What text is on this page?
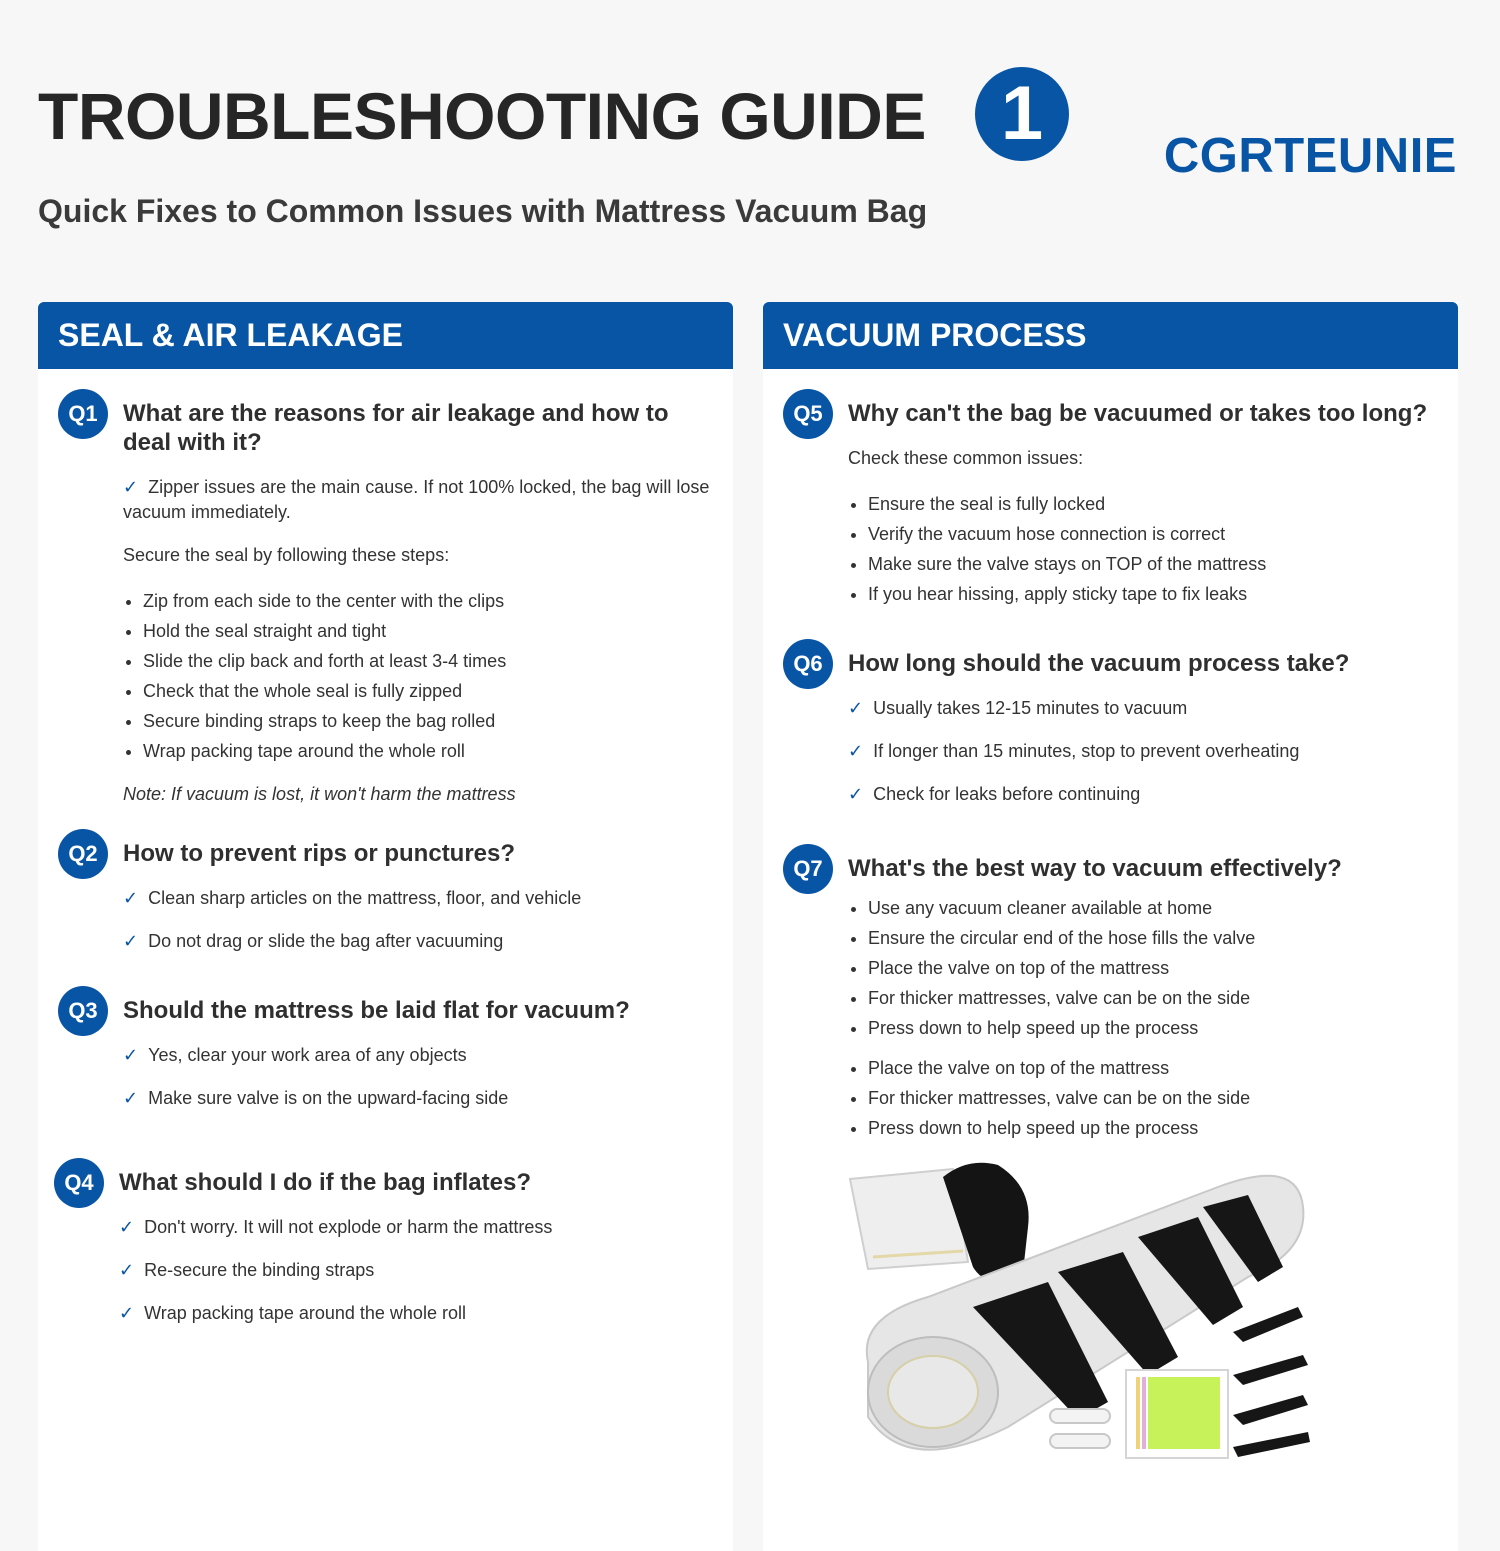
TROUBLESHOOTING GUIDE 1	CGRTEUNIE
Quick Fixes to Common Issues with Mattress Vacuum Bag
SEAL & AIR LEAKAGE
Q1	What are the reasons for air leakage and how to deal with it?
✓ Zipper issues are the main cause. If not 100% locked, the bag will lose vacuum immediately.
Secure the seal by following these steps:
• Zip from each side to the center with the clips
• Hold the seal straight and tight
• Slide the clip back and forth at least 3-4 times
• Check that the whole seal is fully zipped
• Secure binding straps to keep the bag rolled
• Wrap packing tape around the whole roll
Note: If vacuum is lost, it won't harm the mattress
Q2	How to prevent rips or punctures?
✓ Clean sharp articles on the mattress, floor, and vehicle
✓ Do not drag or slide the bag after vacuuming
Q3	Should the mattress be laid flat for vacuum?
✓ Yes, clear your work area of any objects
✓ Make sure valve is on the upward-facing side
Q4	What should I do if the bag inflates?
✓ Don't worry. It will not explode or harm the mattress
✓ Re-secure the binding straps
✓ Wrap packing tape around the whole roll
VACUUM PROCESS
Q5	Why can't the bag be vacuumed or takes too long?
Check these common issues:
• Ensure the seal is fully locked
• Verify the vacuum hose connection is correct
• Make sure the valve stays on TOP of the mattress
• If you hear hissing, apply sticky tape to fix leaks
Q6	How long should the vacuum process take?
✓ Usually takes 12-15 minutes to vacuum
✓ If longer than 15 minutes, stop to prevent overheating
✓ Check for leaks before continuing
Q7	What's the best way to vacuum effectively?
• Use any vacuum cleaner available at home
• Ensure the circular end of the hose fills the valve
• Place the valve on top of the mattress
• For thicker mattresses, valve can be on the side
• Press down to help speed up the process
• Place the valve on top of the mattress
• For thicker mattresses, valve can be on the side
• Press down to help speed up the process
